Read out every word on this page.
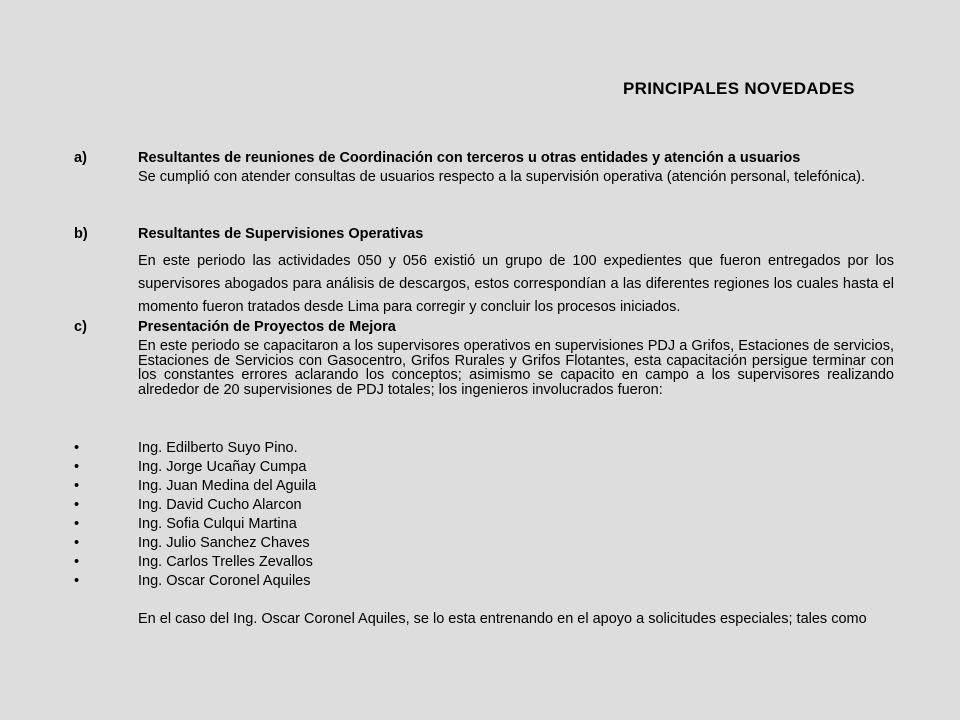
PRINCIPALES NOVEDADES
a)	Resultantes de reuniones de Coordinación con terceros u otras entidades y atención a usuarios
Se cumplió con atender consultas de usuarios respecto a la supervisión operativa (atención personal, telefónica).
b)	Resultantes de Supervisiones Operativas
En este periodo las actividades 050 y 056 existió un grupo de 100 expedientes que fueron entregados por los supervisores abogados para análisis de descargos, estos correspondían a las diferentes regiones los cuales hasta el momento fueron tratados desde Lima para corregir y concluir los procesos iniciados.
c)	Presentación de Proyectos de Mejora
En este periodo se capacitaron a los supervisores operativos en supervisiones PDJ a Grifos, Estaciones de servicios, Estaciones de Servicios con Gasocentro, Grifos Rurales y Grifos Flotantes, esta capacitación persigue terminar con los constantes errores aclarando los conceptos; asimismo se capacito en campo a los supervisores realizando alrededor de 20 supervisiones de PDJ totales; los ingenieros involucrados fueron:
•	Ing. Edilberto Suyo Pino.
•	Ing. Jorge Ucañay Cumpa
•	Ing. Juan Medina del Aguila
•	Ing. David Cucho Alarcon
•	Ing. Sofia Culqui Martina
•	Ing. Julio Sanchez Chaves
•	Ing. Carlos Trelles Zevallos
•	Ing. Oscar Coronel Aquiles
En el caso del Ing. Oscar Coronel Aquiles, se lo esta entrenando en el apoyo a solicitudes especiales; tales como
